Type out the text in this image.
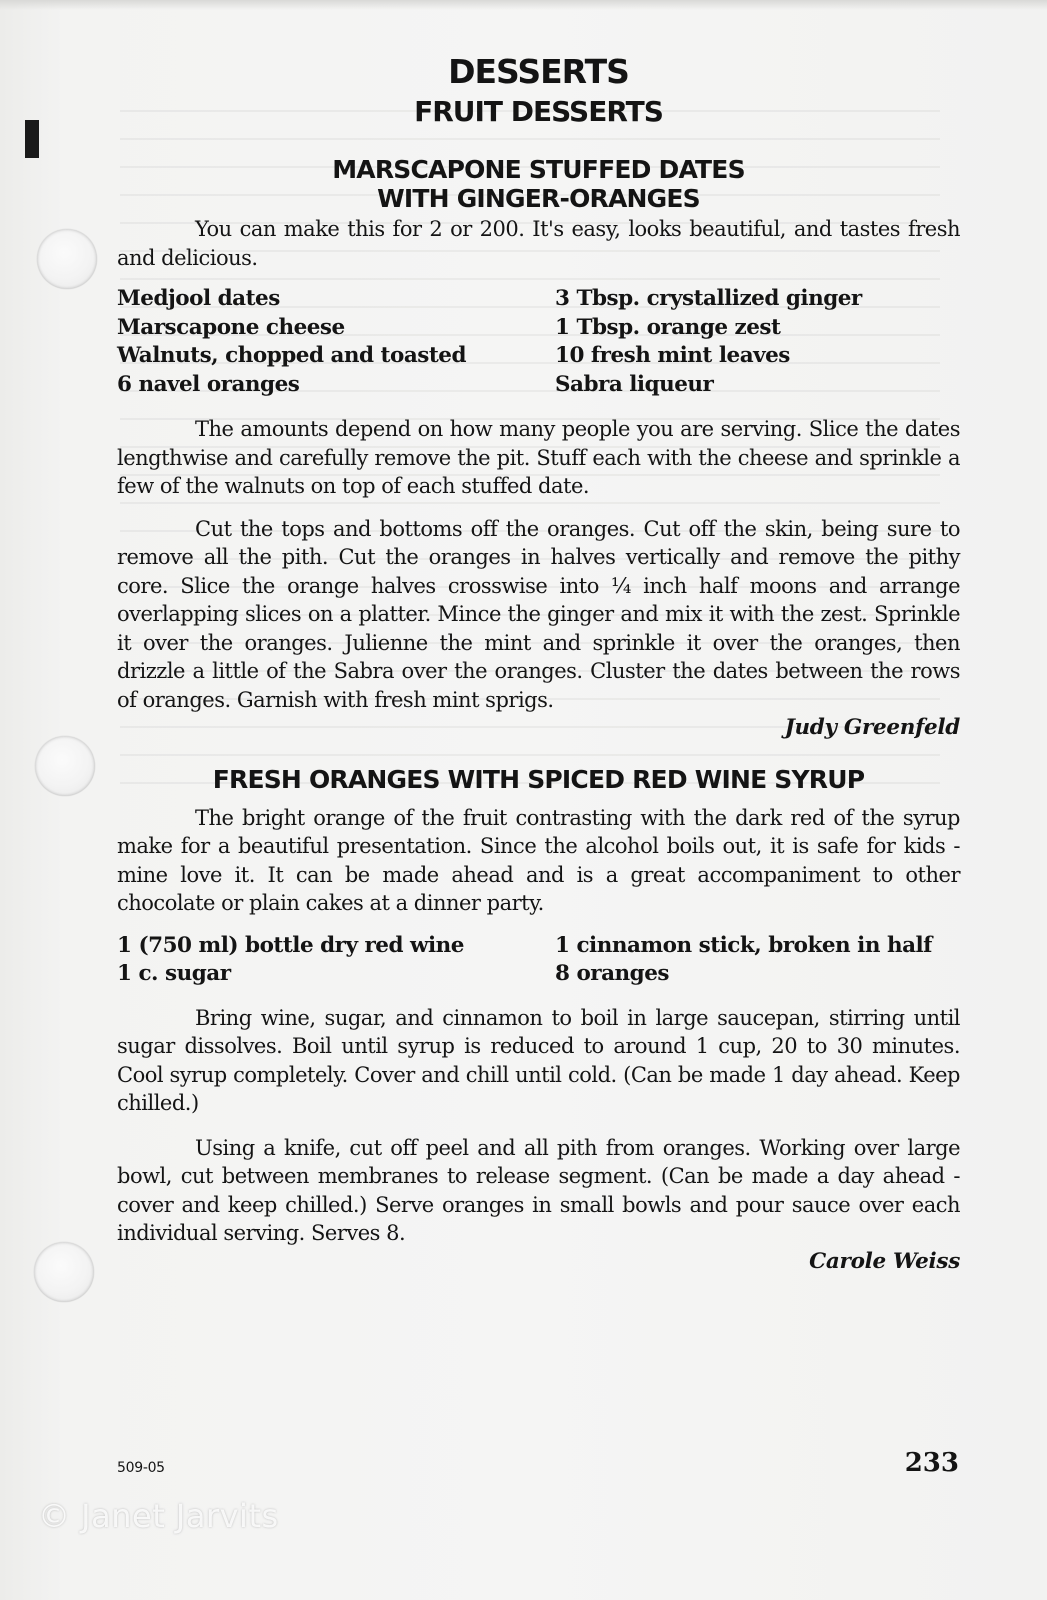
DESSERTS
FRUIT DESSERTS
MARSCAPONE STUFFED DATES
WITH GINGER-ORANGES

You can make this for 2 or 200. It's easy, looks beautiful, and tastes fresh and delicious.

Medjool dates
Marscapone cheese
Walnuts, chopped and toasted
6 navel oranges
3 Tbsp. crystallized ginger
1 Tbsp. orange zest
10 fresh mint leaves
Sabra liqueur

The amounts depend on how many people you are serving. Slice the dates lengthwise and carefully remove the pit. Stuff each with the cheese and sprinkle a few of the walnuts on top of each stuffed date.

Cut the tops and bottoms off the oranges. Cut off the skin, being sure to remove all the pith. Cut the oranges in halves vertically and remove the pithy core. Slice the orange halves crosswise into ¼ inch half moons and arrange overlapping slices on a platter. Mince the ginger and mix it with the zest. Sprinkle it over the oranges. Julienne the mint and sprinkle it over the oranges, then drizzle a little of the Sabra over the oranges. Cluster the dates between the rows of oranges. Garnish with fresh mint sprigs.

Judy Greenfeld
FRESH ORANGES WITH SPICED RED WINE SYRUP

The bright orange of the fruit contrasting with the dark red of the syrup make for a beautiful presentation. Since the alcohol boils out, it is safe for kids - mine love it. It can be made ahead and is a great accompaniment to other chocolate or plain cakes at a dinner party.

1 (750 ml) bottle dry red wine
1 c. sugar
1 cinnamon stick, broken in half
8 oranges

Bring wine, sugar, and cinnamon to boil in large saucepan, stirring until sugar dissolves. Boil until syrup is reduced to around 1 cup, 20 to 30 minutes. Cool syrup completely. Cover and chill until cold. (Can be made 1 day ahead. Keep chilled.)

Using a knife, cut off peel and all pith from oranges. Working over large bowl, cut between membranes to release segment. (Can be made a day ahead - cover and keep chilled.) Serve oranges in small bowls and pour sauce over each individual serving. Serves 8.

Carole Weiss
509-05	233
© Janet Jarvits
